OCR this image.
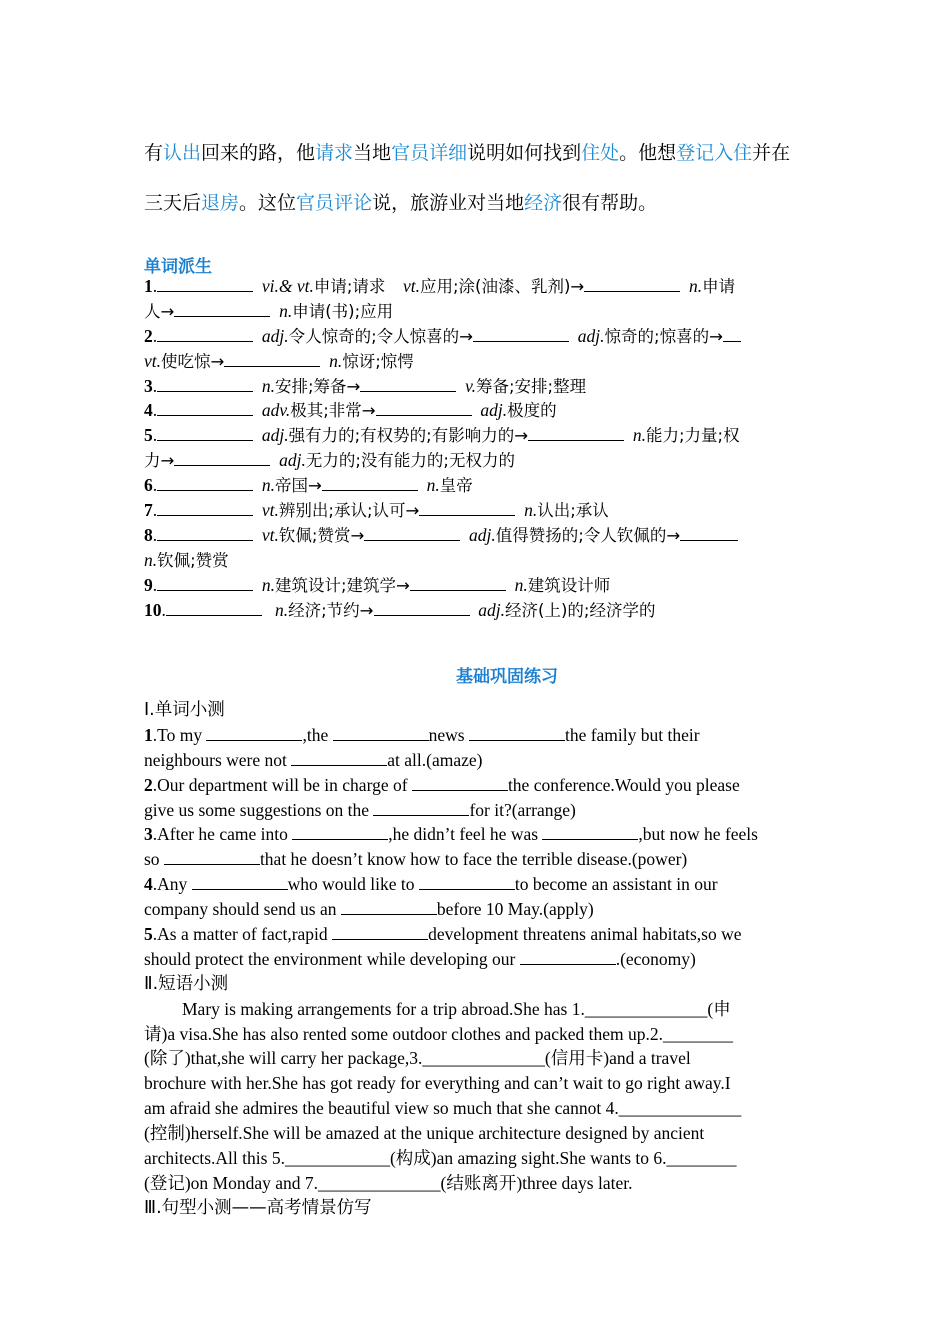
有认出回来的路，他请求当地官员详细说明如何找到住处。他想登记入住并在
三天后退房。这位官员评论说，旅游业对当地经济很有帮助。
单词派生
1.	vi.& vt.申请;请求 vt.应用;涂(油漆、乳剂)→	n.申请
人→	n.申请(书);应用
2.	adj.令人惊奇的;令人惊喜的→	adj.惊奇的;惊喜的→
vt.使吃惊→	n.惊讶;惊愕
3.	n.安排;筹备→	v.筹备;安排;整理
4.	adv.极其;非常→	adj.极度的
5.	adj.强有力的;有权势的;有影响力的→	n.能力;力量;权
力→	adj.无力的;没有能力的;无权力的
6.	n.帝国→	n.皇帝
7.	vt.辨别出;承认;认可→	n.认出;承认
8.	vt.钦佩;赞赏→	adj.值得赞扬的;令人钦佩的→
n.钦佩;赞赏
9.	n.建筑设计;建筑学→	n.建筑设计师
10.	n.经济;节约→	adj.经济(上)的;经济学的
基础巩固练习
Ⅰ.单词小测
1.To my	,the	news	the family but their
neighbours were not	at all.(amaze)
2.Our department will be in charge of	the conference.Would you please
give us some suggestions on the	for it?(arrange)
3.After he came into	,he didn’t feel he was	,but now he feels
so	that he doesn’t know how to face the terrible disease.(power)
4.Any	who would like to	to become an assistant in our
company should send us an	before 10 May.(apply)
5.As a matter of fact,rapid	development threatens animal habitats,so we
should protect the environment while developing our	.(economy)
Ⅱ.短语小测
Mary is making arrangements for a trip abroad.She has 1.______________(申
请)a visa.She has also rented some outdoor clothes and packed them up.2.________
(除了)that,she will carry her package,3.______________(信用卡)and a travel
brochure with her.She has got ready for everything and can’t wait to go right away.I
am afraid she admires the beautiful view so much that she cannot 4.______________
(控制)herself.She will be amazed at the unique architecture designed by ancient
architects.All this 5.____________(构成)an amazing sight.She wants to 6.________
(登记)on Monday and 7.______________(结账离开)three days later.
Ⅲ.句型小测——高考情景仿写
